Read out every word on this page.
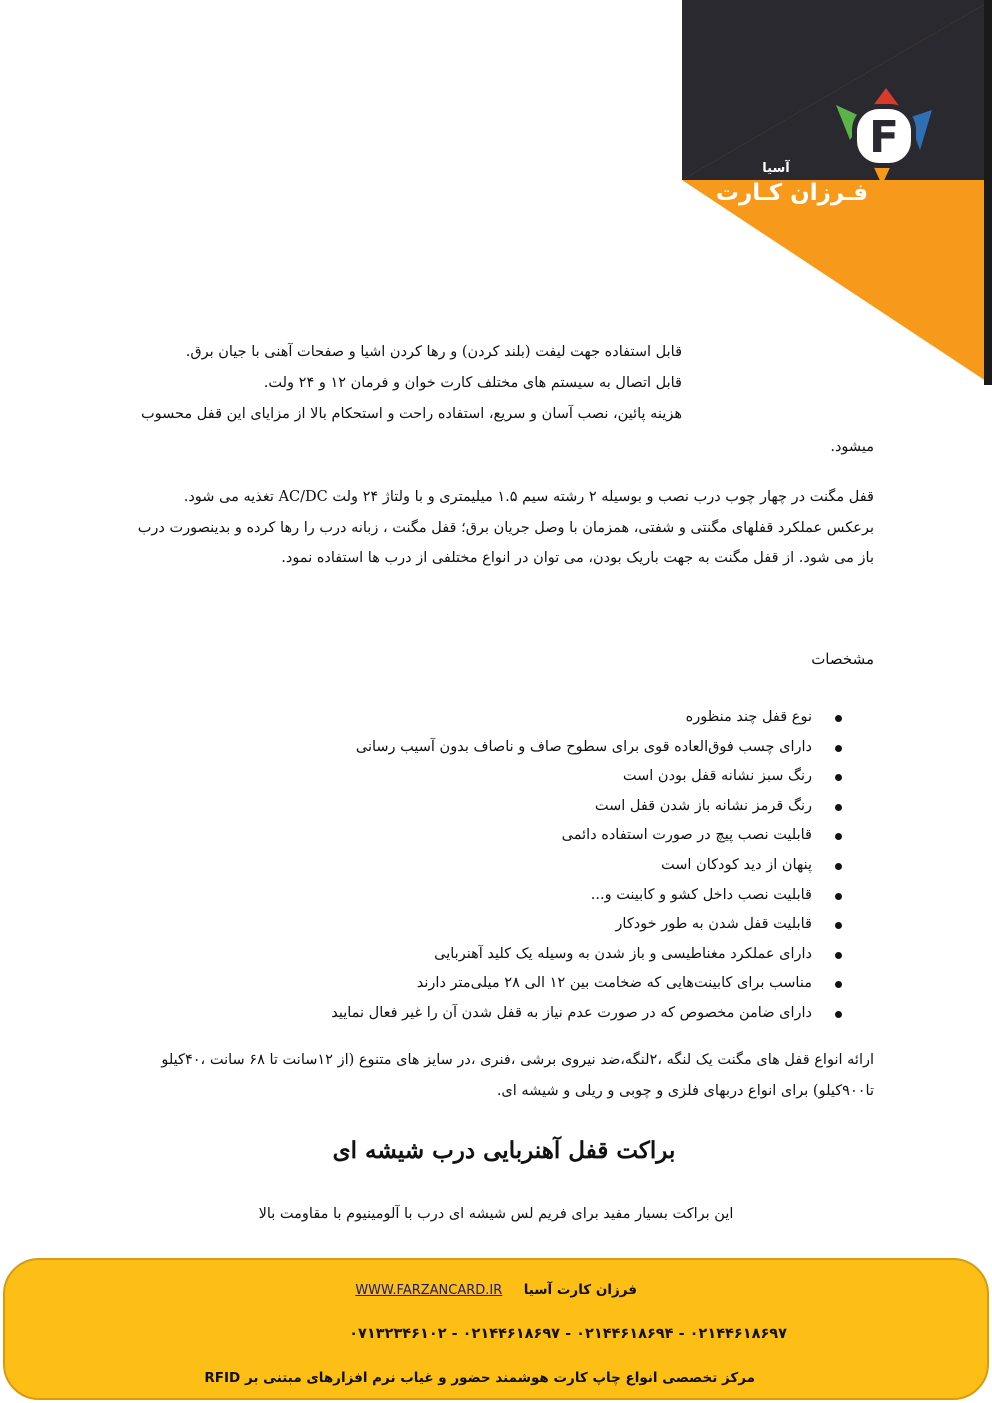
F
آسیا
فـرزان کـارت
قابل استفاده جهت لیفت (بلند کردن) و رها کردن اشیا و صفحات آهنی با جیان برق.
قابل اتصال به سیستم های مختلف کارت خوان و فرمان ۱۲ و ۲۴ ولت.
هزینه پائین، نصب آسان و سریع، استفاده راحت و استحکام بالا از مزایای این قفل محسوب
میشود.
قفل مگنت در چهار چوب درب نصب و بوسیله ۲ رشته سیم ۱.۵ میلیمتری و با ولتاژ ۲۴ ولت AC/DC تغذیه می شود.
برعکس عملکرد قفلهای مگنتی و شفتی، همزمان با وصل جریان برق؛ قفل مگنت ، زبانه درب را رها کرده و بدینصورت درب
باز می شود. از قفل مگنت به جهت باریک بودن، می توان در انواع مختلفی از درب ها استفاده نمود.
مشخصات
نوع قفل چند منظوره
دارای چسب فوق‌العاده قوی برای سطوح صاف و ناصاف بدون آسیب رسانی
رنگ سبز نشانه قفل بودن است
رنگ قرمز نشانه باز شدن قفل است
قابلیت نصب پیچ در صورت استفاده دائمی
پنهان از دید کودکان است
قابلیت نصب داخل کشو و کابینت و...
قابلیت قفل شدن به طور خودکار
دارای عملکرد مغناطیسی و باز شدن به وسیله یک کلید آهنربایی
مناسب برای کابینت‌هایی که ضخامت بین ۱۲ الی ۲۸ میلی‌متر دارند
دارای ضامن مخصوص که در صورت عدم نیاز به قفل شدن آن را غیر فعال نمایید
ارائه انواع قفل های مگنت یک لنگه ،۲لنگه،ضد نیروی برشی ،فنری ،در سایز های متنوع (از ۱۲سانت تا ۶۸ سانت ،۴۰کیلو
تا۹۰۰کیلو) برای انواع دربهای فلزی و چوبی و ریلی و شیشه ای.
براکت قفل آهنربایی درب شیشه ای
این براکت بسیار مفید برای فریم لس شیشه ای درب با آلومینیوم با مقاومت بالا
فرزان کارت آسیا  WWW.FARZANCARD.IR
۰۲۱۴۴۶۱۸۶۹۷ - ۰۲۱۴۴۶۱۸۶۹۴ - ۰۲۱۴۴۶۱۸۶۹۷ - ۰۷۱۳۲۳۴۶۱۰۲
مرکز تخصصی انواع چاپ کارت هوشمند حضور و غیاب نرم افزارهای مبتنی بر RFID
